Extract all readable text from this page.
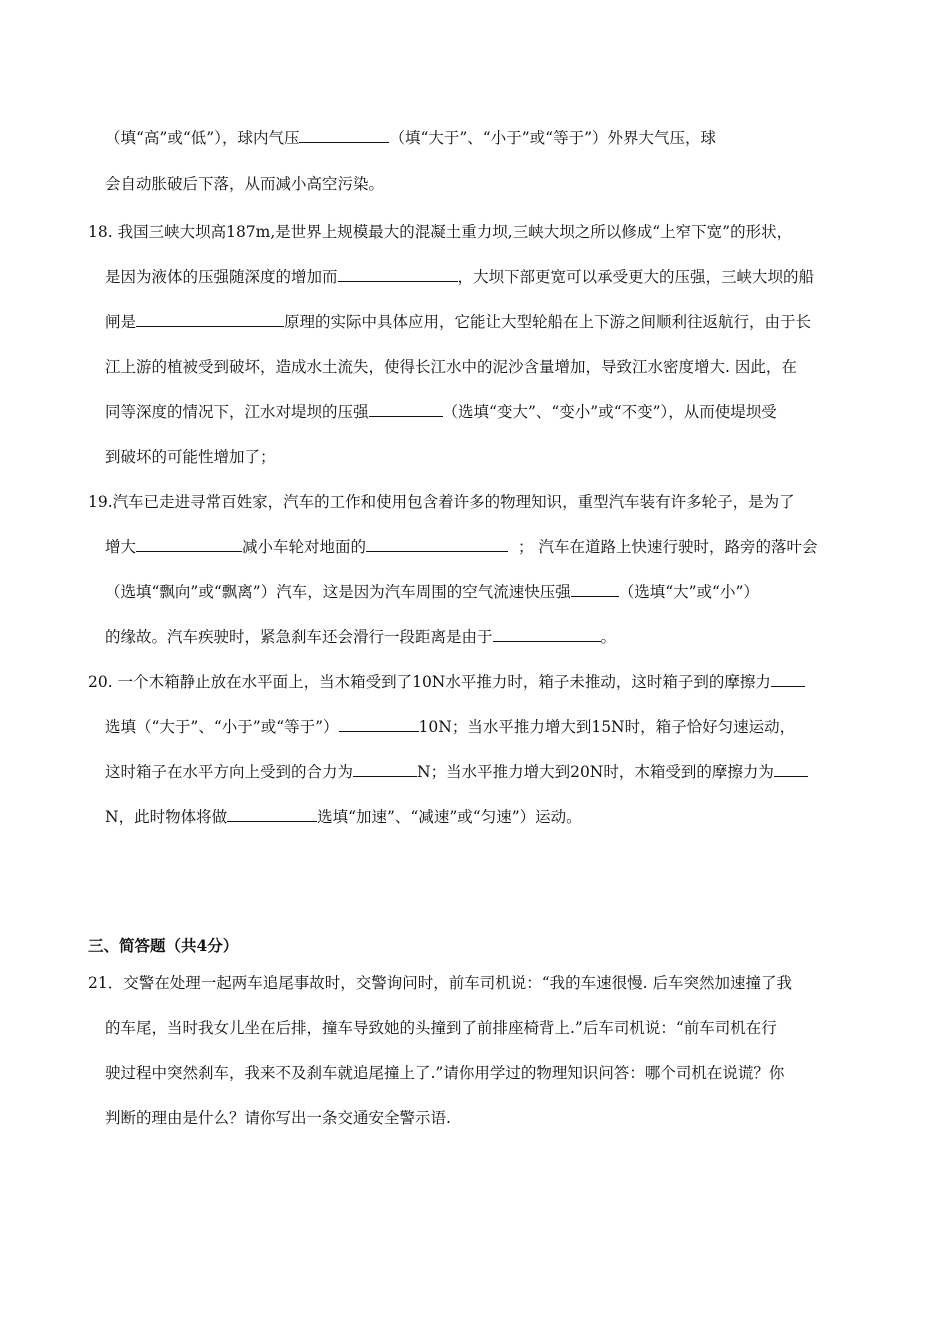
（填“高”或“低”），球内气压	（填“大于”、“小于”或“等于”）外界大气压，球
会自动胀破后下落，从而减小高空污染。
18. 我国三峡大坝高187m,是世界上规模最大的混凝土重力坝,三峡大坝之所以修成“上窄下宽”的形状，
是因为液体的压强随深度的增加而	，大坝下部更宽可以承受更大的压强，三峡大坝的船
闸是	原理的实际中具体应用，它能让大型轮船在上下游之间顺利往返航行，由于长
江上游的植被受到破坏，造成水土流失，使得长江水中的泥沙含量增加，导致江水密度增大. 因此，在
同等深度的情况下，江水对堤坝的压强	（选填“变大”、“变小”或“不变”），从而使堤坝受
到破坏的可能性增加了；
19.汽车已走进寻常百姓家，汽车的工作和使用包含着许多的物理知识，重型汽车装有许多轮子，是为了
增大	减小车轮对地面的	； 汽车在道路上快速行驶时，路旁的落叶会
（选填“飘向”或“飘离”）汽车，这是因为汽车周围的空气流速快压强	（选填“大”或“小”）
的缘故。汽车疾驶时，紧急刹车还会滑行一段距离是由于	。
20. 一个木箱静止放在水平面上，当木箱受到了10N水平推力时，箱子未推动，这时箱子到的摩擦力
选填（“大于”、“小于”或“等于”）	10N；当水平推力增大到15N时，箱子恰好匀速运动，
这时箱子在水平方向上受到的合力为	N；当水平推力增大到20N时，木箱受到的摩擦力为
N，此时物体将做	选填“加速”、“减速”或“匀速”）运动。
三、简答题（共4分）
21．交警在处理一起两车追尾事故时，交警询问时，前车司机说：“我的车速很慢. 后车突然加速撞了我
的车尾，当时我女儿坐在后排，撞车导致她的头撞到了前排座椅背上.”后车司机说：“前车司机在行
驶过程中突然刹车，我来不及刹车就追尾撞上了.”请你用学过的物理知识问答：哪个司机在说谎？你
判断的理由是什么？请你写出一条交通安全警示语.
